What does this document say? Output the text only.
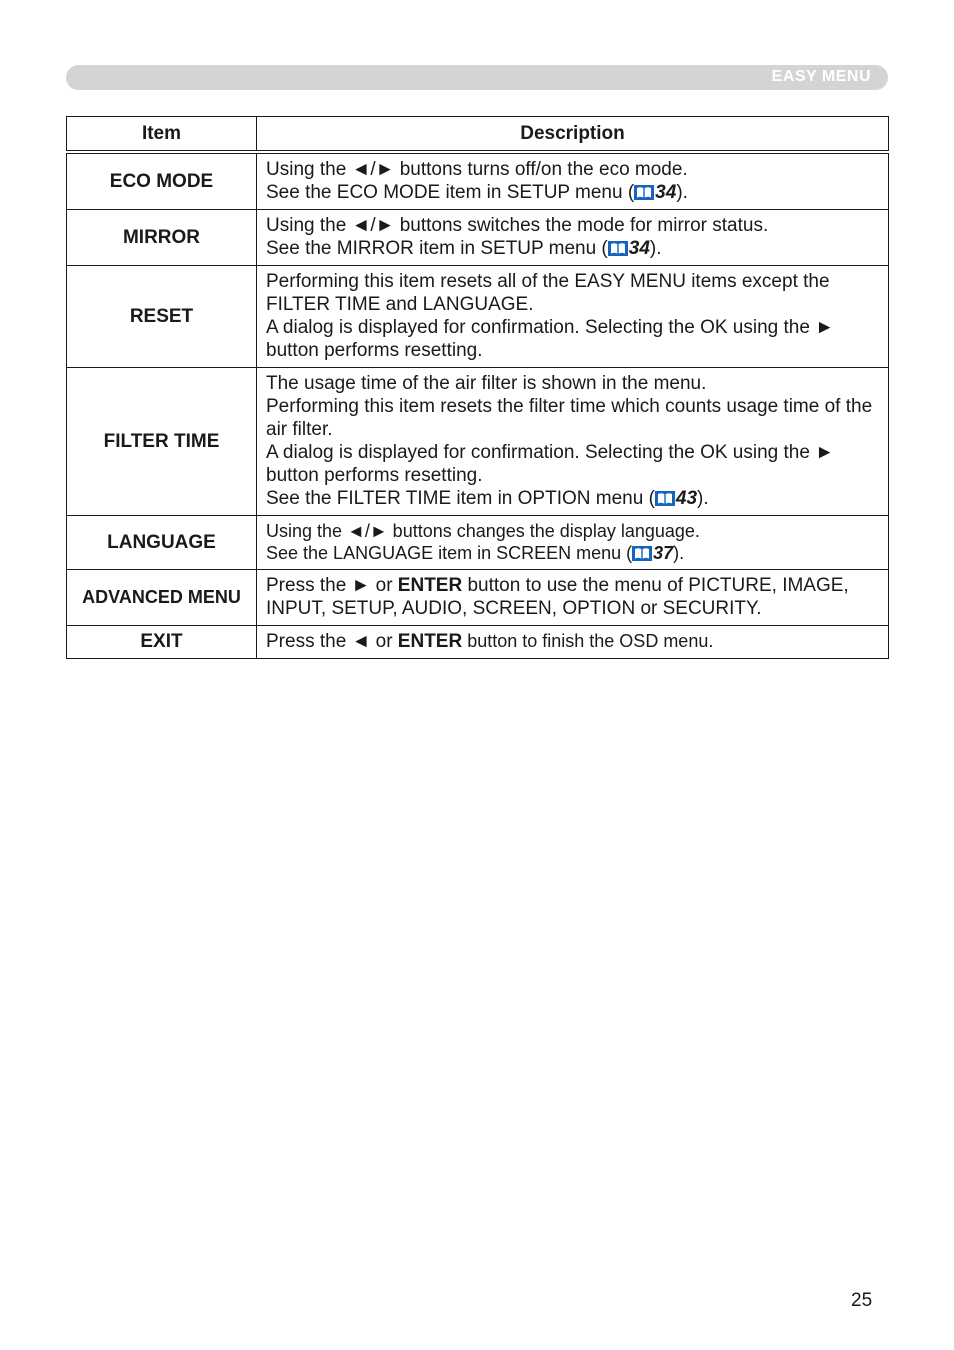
EASY MENU
Item	Description
ECO MODE	Using the ◄/► buttons turns off/on the eco mode.
See the ECO MODE item in SETUP menu ( 34).

MIRROR	Using the ◄/► buttons switches the mode for mirror status.
See the MIRROR item in SETUP menu ( 34).

RESET	Performing this item resets all of the EASY MENU items except the FILTER TIME and LANGUAGE.
A dialog is displayed for confirmation. Selecting the OK using the ► button performs resetting.

FILTER TIME	The usage time of the air filter is shown in the menu.
Performing this item resets the filter time which counts usage time of the air filter.
A dialog is displayed for confirmation. Selecting the OK using the ► button performs resetting.
See the FILTER TIME item in OPTION menu ( 43).

LANGUAGE	Using the ◄/► buttons changes the display language.
See the LANGUAGE item in SCREEN menu ( 37).

ADVANCED MENU	Press the ► or ENTER button to use the menu of PICTURE, IMAGE, INPUT, SETUP, AUDIO, SCREEN, OPTION or SECURITY.

EXIT	Press the ◄ or ENTER button to finish the OSD menu.
25
